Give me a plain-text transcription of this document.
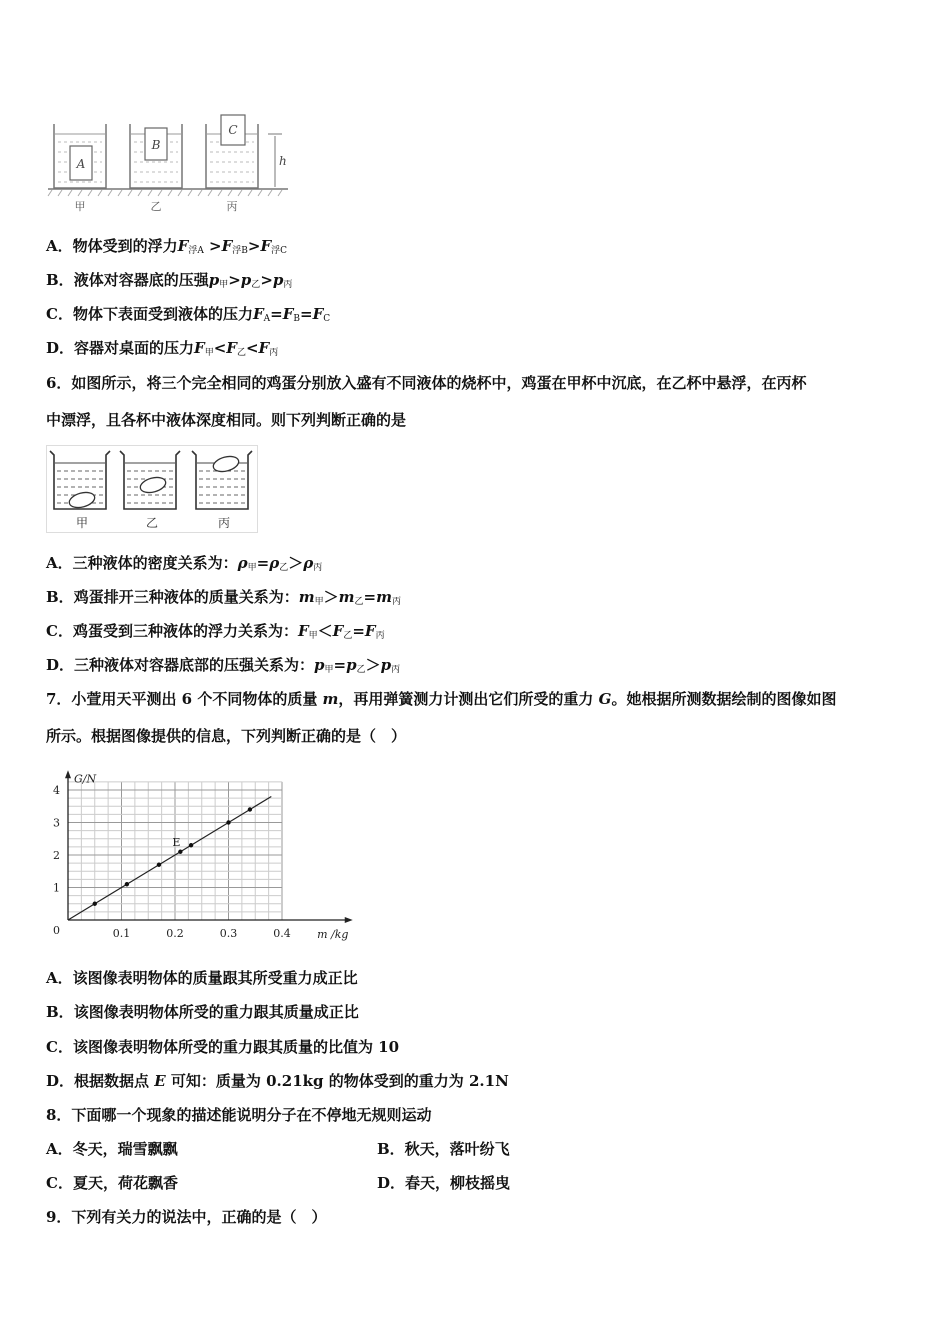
h
A
B
C
甲	乙	丙
A．物体受到的浮力$F_{浮A} >F_{浮B}>F_{浮C}$
B．液体对容器底的压强$p_甲>p_乙>p_丙$
C．物体下表面受到液体的压力$F_A=F_B=F_C$
D．容器对桌面的压力$F_甲<F_乙<F_丙$
6．如图所示，将三个完全相同的鸡蛋分别放入盛有不同液体的烧杯中，鸡蛋在甲杯中沉底，在乙杯中悬浮，在丙杯
中漂浮，且各杯中液体深度相同。则下列判断正确的是
甲	乙	丙
A．三种液体的密度关系为：$\rho_甲=\rho_乙>\rho_丙$
B．鸡蛋排开三种液体的质量关系为：$m_甲>m_乙=m_丙$
C．鸡蛋受到三种液体的浮力关系为：$F_甲<F_乙=F_丙$
D．三种液体对容器底部的压强关系为：$p_甲=p_乙>p_丙$
7．小萱用天平测出 6 个不同物体的质量 m，再用弹簧测力计测出它们所受的重力 G。她根据所测数据绘制的图像如图
所示。根据图像提供的信息，下列判断正确的是（　）
0.1	0.2	0.3	0.4
1
2
3
4
0	m /kg
G/N
E
A．该图像表明物体的质量跟其所受重力成正比
B．该图像表明物体所受的重力跟其质量成正比
C．该图像表明物体所受的重力跟其质量的比值为 10
D．根据数据点 E 可知：质量为 0.21kg 的物体受到的重力为 2.1N
8．下面哪一个现象的描述能说明分子在不停地无规则运动
A．冬天，瑞雪飘飘	B．秋天，落叶纷飞
C．夏天，荷花飘香	D．春天，柳枝摇曳
9．下列有关力的说法中，正确的是（　）
